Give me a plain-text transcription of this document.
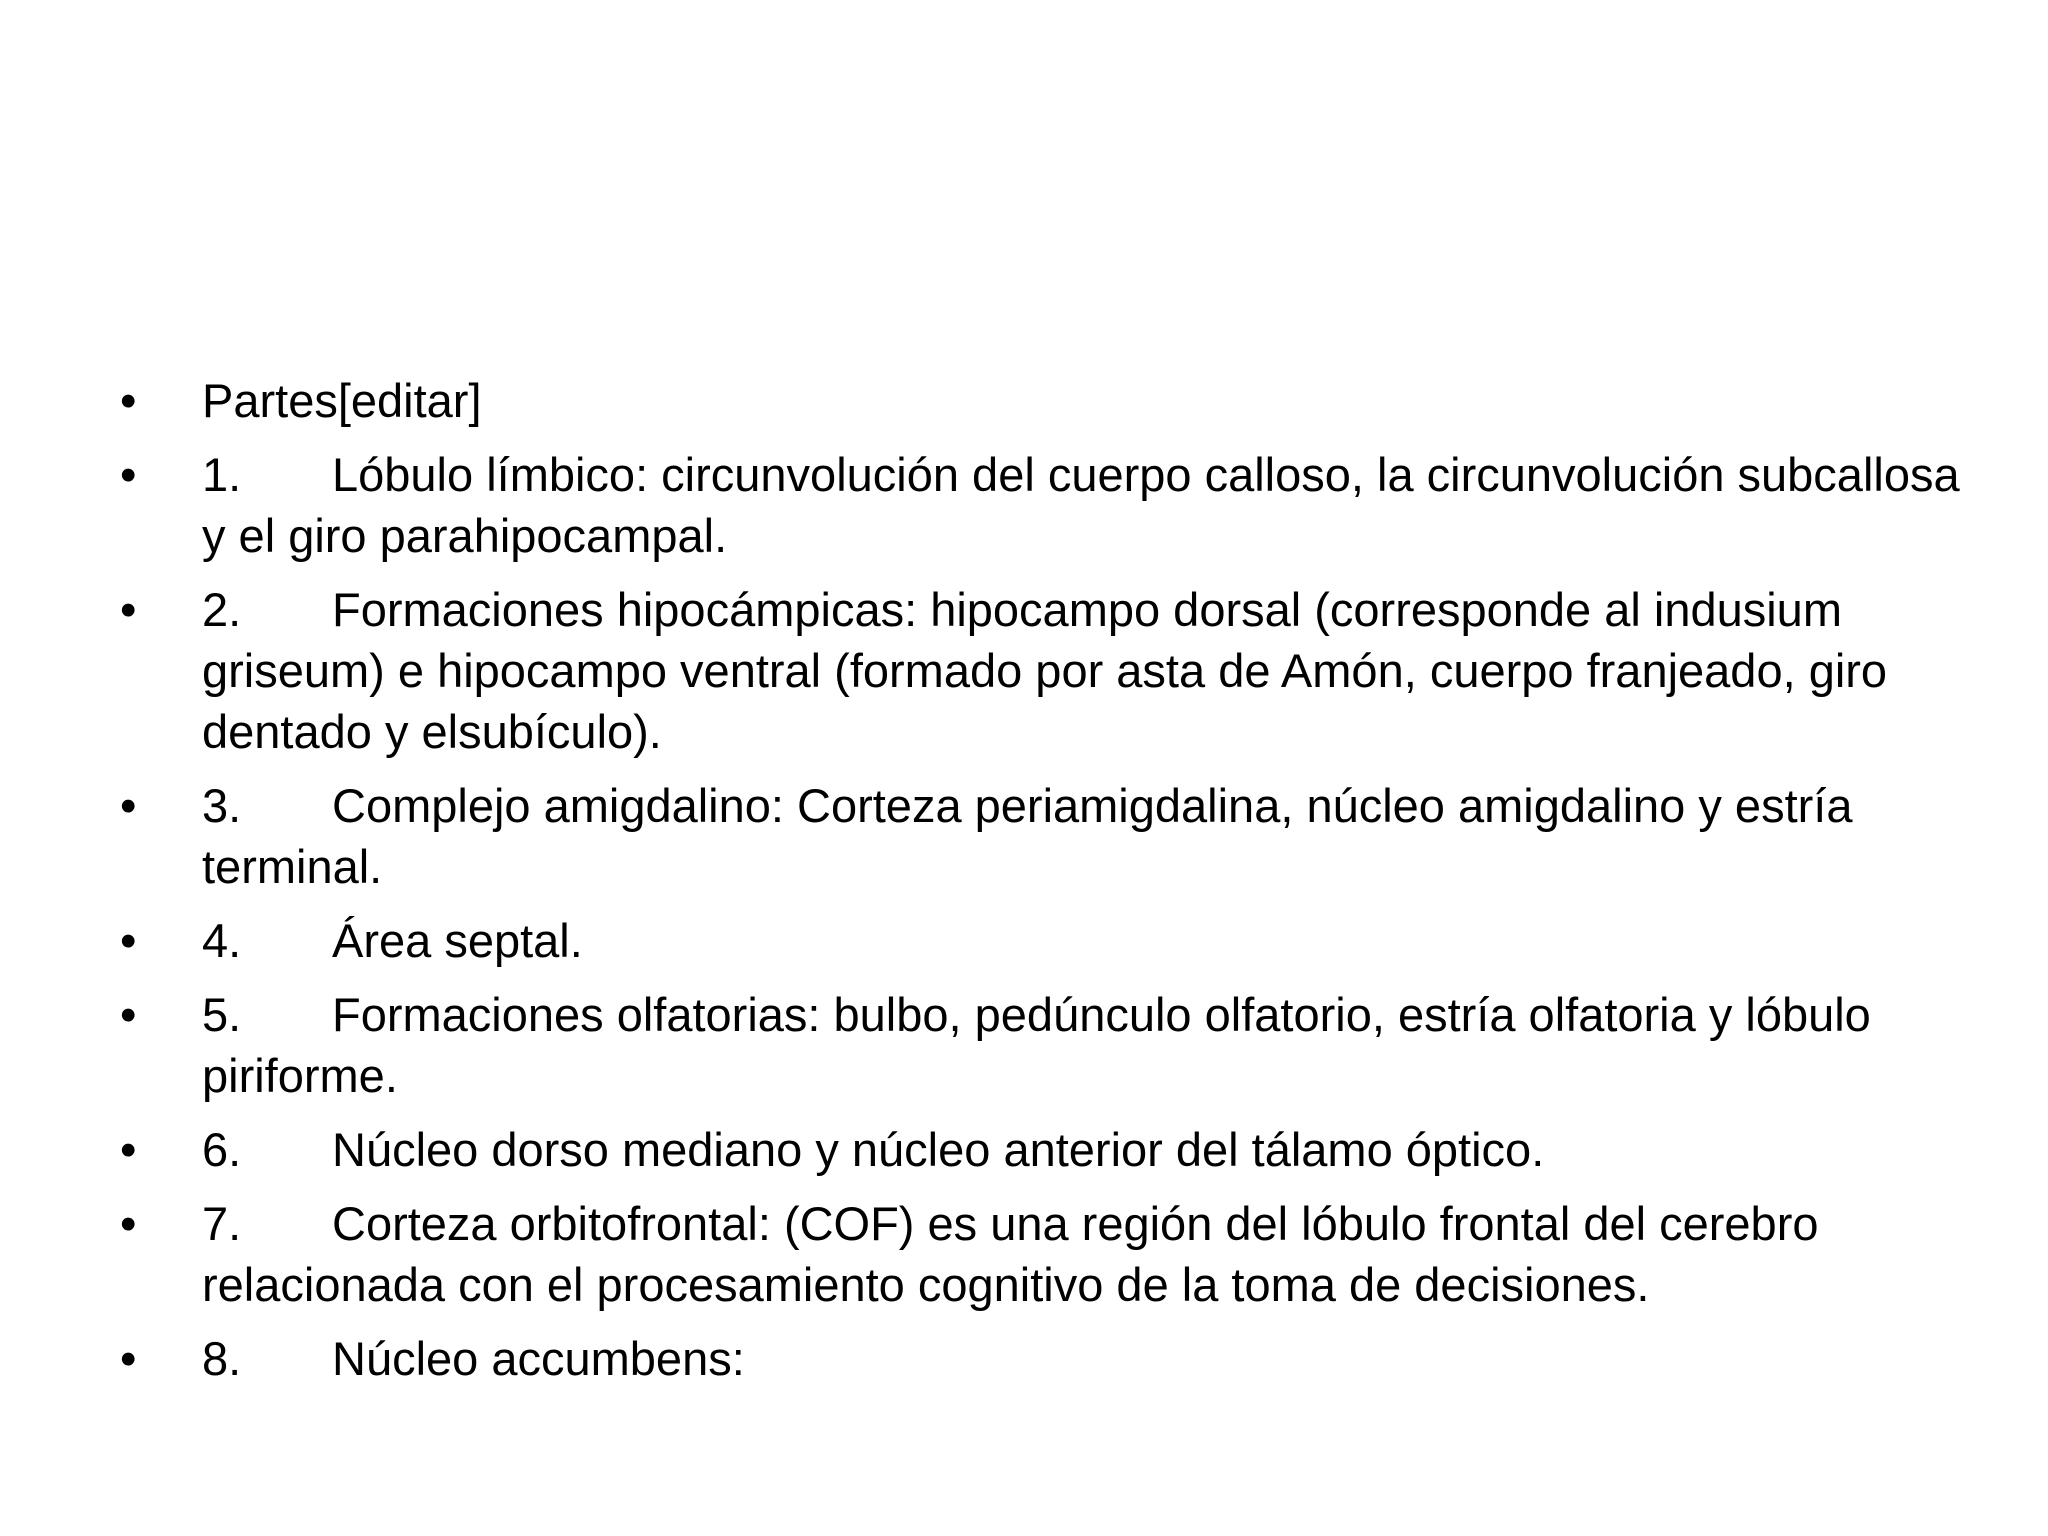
•	Partes[editar]
•	1. Lóbulo límbico: circunvolución del cuerpo calloso, la circunvolución subcallosa y el giro parahipocampal.
•	2. Formaciones hipocámpicas: hipocampo dorsal (corresponde al indusium griseum) e hipocampo ventral (formado por asta de Amón, cuerpo franjeado, giro dentado y elsubículo).
•	3. Complejo amigdalino: Corteza periamigdalina, núcleo amigdalino y estría terminal.
•	4. Área septal.
•	5. Formaciones olfatorias: bulbo, pedúnculo olfatorio, estría olfatoria y lóbulo piriforme.
•	6. Núcleo dorso mediano y núcleo anterior del tálamo óptico.
•	7. Corteza orbitofrontal: (COF) es una región del lóbulo frontal del cerebro relacionada con el procesamiento cognitivo de la toma de decisiones.
•	8. Núcleo accumbens:
